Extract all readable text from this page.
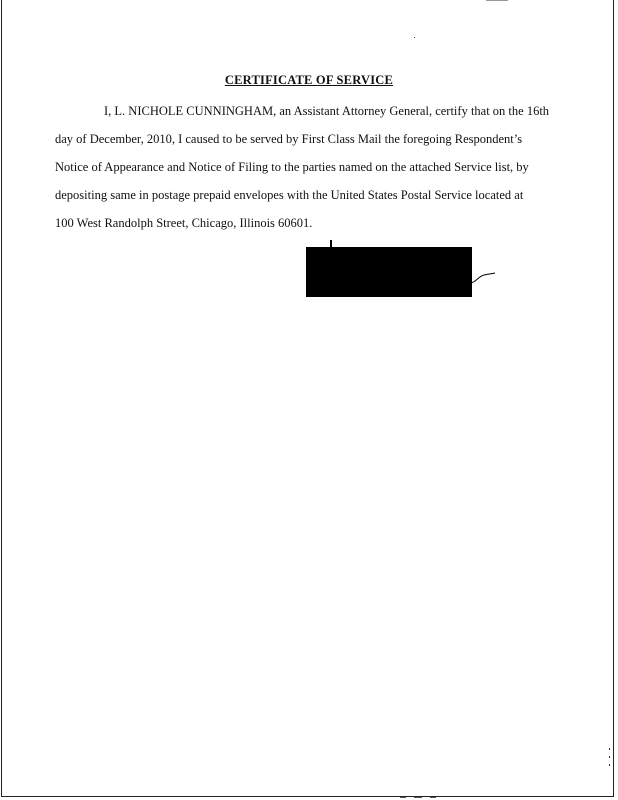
CERTIFICATE OF SERVICE
I, L. NICHOLE CUNNINGHAM, an Assistant Attorney General, certify that on the 16th
day of December, 2010, I caused to be served by First Class Mail the foregoing Respondent’s
Notice of Appearance and Notice of Filing to the parties named on the attached Service list, by
depositing same in postage prepaid envelopes with the United States Postal Service located at
100 West Randolph Street, Chicago, Illinois 60601.
